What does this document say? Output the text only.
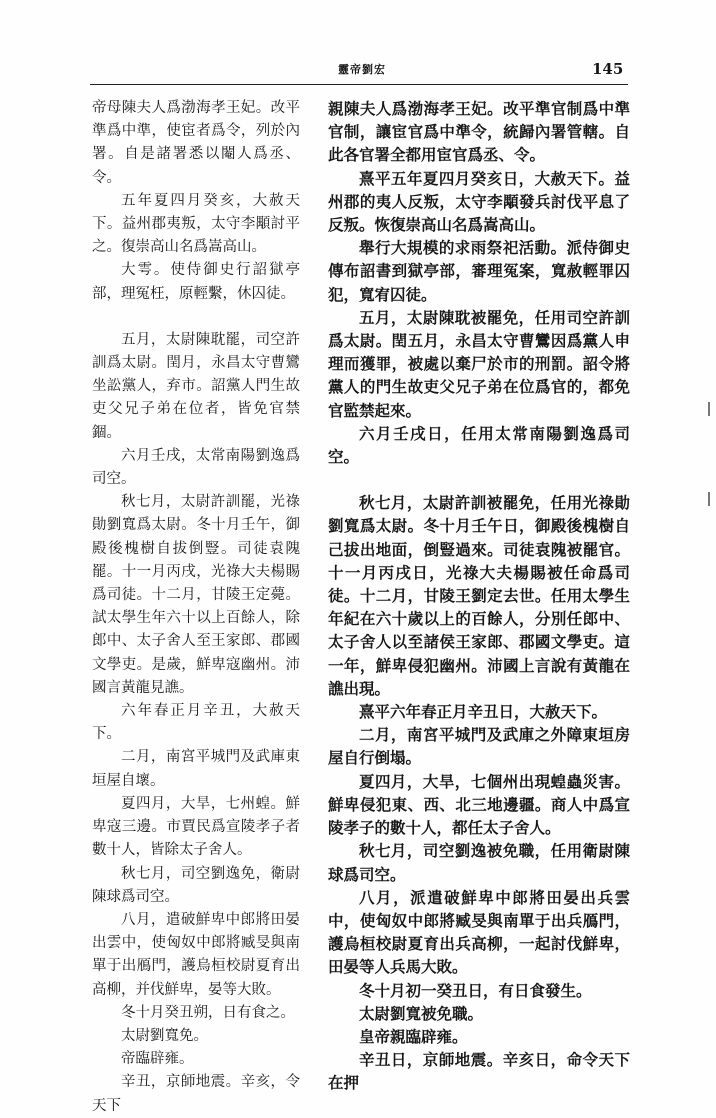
靈帝劉宏	145

帝母陳夫人爲渤海孝王妃。改平準爲中準，使宦者爲令，列於內署。自是諸署悉以閹人爲丞、令。

五年夏四月癸亥，大赦天下。益州郡夷叛，太守李顒討平之。復崇高山名爲嵩高山。

大雩。使侍御史行詔獄亭部，理冤枉，原輕繫，休囚徒。

五月，太尉陳耽罷，司空許訓爲太尉。閏月，永昌太守曹鸞坐訟黨人，弃市。詔黨人門生故吏父兄子弟在位者，皆免官禁錮。

六月壬戌，太常南陽劉逸爲司空。

秋七月，太尉許訓罷，光祿勛劉寬爲太尉。冬十月壬午，御殿後槐樹自拔倒豎。司徒袁隗罷。十一月丙戌，光祿大夫楊賜爲司徒。十二月，甘陵王定薨。試太學生年六十以上百餘人，除郎中、太子舍人至王家郎、郡國文學吏。是歲，鮮卑寇幽州。沛國言黃龍見譙。

六年春正月辛丑，大赦天下。

二月，南宮平城門及武庫東垣屋自壞。

夏四月，大旱，七州蝗。鮮卑寇三邊。市賈民爲宣陵孝子者數十人，皆除太子舍人。

秋七月，司空劉逸免，衛尉陳球爲司空。

八月，遣破鮮卑中郎將田晏出雲中，使匈奴中郎將臧旻與南單于出鴈門，護烏桓校尉夏育出高柳，并伐鮮卑，晏等大敗。

冬十月癸丑朔，日有食之。

太尉劉寬免。

帝臨辟雍。

辛丑，京師地震。辛亥，令天下

親陳夫人爲渤海孝王妃。改平準官制爲中準官制，讓宦官爲中準令，統歸內署管轄。自此各官署全都用宦官爲丞、令。

熹平五年夏四月癸亥日，大赦天下。益州郡的夷人反叛，太守李顒發兵討伐平息了反叛。恢復崇高山名爲嵩高山。

舉行大規模的求雨祭祀活動。派侍御史傳布詔書到獄亭部，審理冤案，寬赦輕罪囚犯，寬宥囚徒。

五月，太尉陳耽被罷免，任用司空許訓爲太尉。閏五月，永昌太守曹鸞因爲黨人申理而獲罪，被處以棄尸於市的刑罰。詔令將黨人的門生故吏父兄子弟在位爲官的，都免官監禁起來。

六月壬戌日，任用太常南陽劉逸爲司空。

秋七月，太尉許訓被罷免，任用光祿勛劉寬爲太尉。冬十月壬午日，御殿後槐樹自己拔出地面，倒豎過來。司徒袁隗被罷官。十一月丙戌日，光祿大夫楊賜被任命爲司徒。十二月，甘陵王劉定去世。任用太學生年紀在六十歲以上的百餘人，分別任郎中、太子舍人以至諸侯王家郎、郡國文學吏。這一年，鮮卑侵犯幽州。沛國上言說有黃龍在譙出現。

熹平六年春正月辛丑日，大赦天下。

二月，南宮平城門及武庫之外障東垣房屋自行倒塌。

夏四月，大旱，七個州出現蝗蟲災害。鮮卑侵犯東、西、北三地邊疆。商人中爲宣陵孝子的數十人，都任太子舍人。

秋七月，司空劉逸被免職，任用衛尉陳球爲司空。

八月，派遣破鮮卑中郎將田晏出兵雲中，使匈奴中郎將臧旻與南單于出兵鴈門，護烏桓校尉夏育出兵高柳，一起討伐鮮卑，田晏等人兵馬大敗。

冬十月初一癸丑日，有日食發生。

太尉劉寬被免職。

皇帝親臨辟雍。

辛丑日，京師地震。辛亥日，命令天下在押
